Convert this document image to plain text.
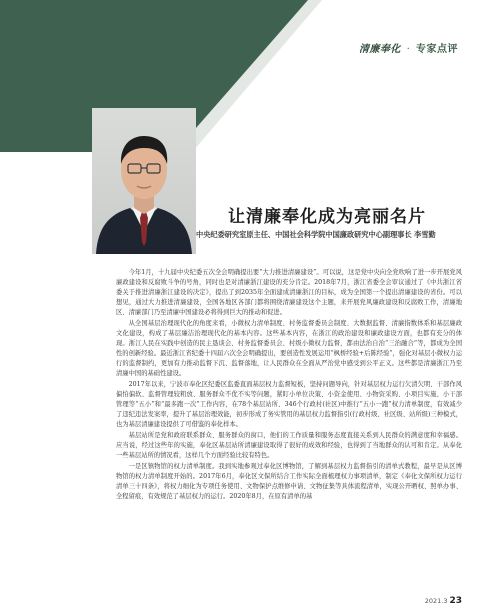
清廉奉化 · 专家点评
让清廉奉化成为亮丽名片
中央纪委研究室原主任、中国社会科学院中国廉政研究中心副理事长 李雪勤

今年1月，十九届中央纪委五次全会明确提出要“大力推进清廉建设”。可以说，这是党中央向全党吹响了进一步开展党风廉政建设和反腐败斗争的号角，同时也是对清廉浙江建设的充分肯定。2018年7月，浙江省委全会审议通过了《中共浙江省委关于推进清廉浙江建设的决定》，提出了到2035年全面建成清廉浙江的目标，成为全国第一个提出清廉建设的省份。可以想见，通过大力推进清廉建设，全国各地区各部门都将围绕清廉建设这个主题，来开展党风廉政建设和反腐败工作，清廉地区、清廉部门乃至清廉中国建设必将得到巨大的推动和促进。

从全国基层治理现代化的角度来看，小微权力清单制度、村务监督委员会制度、大数据监督、清廉指数体系和基层廉政文化建设，构成了基层廉洁治理现代化的基本内容。这些基本内容，在浙江的政治建设和廉政建设方面，也都有充分的体现。浙江人民在实践中创造的民主恳谈会、村务监督委员会、村级小微权力监督，都由法治自治“三治融合”等，都成为全国性的创新经验。最近浙江省纪委十四届六次全会明确提出，要创造性发展运用“枫桥经验+后陈经验”，强化对基层小微权力运行的监督制约，更加有力推动监督下沉、监督落地，让人民群众在全面从严治党中感受到公平正义。这些都是清廉浙江乃至清廉中国的基础性建设。

2017年以来，宁波市奉化区纪委区监委直面基层权力监督短板，坚持问题导向，针对基层权力运行欠清欠明、干部作风偏怕偏软、监督管理较粗放、服务群众不优不实等问题，紧盯小单位决策、小资金使用、小物资采购、小项目实施、小干部管理等“五小”和“最多跑一次”工作内容，在78个基层站所、346个行政村(社区)中推行“五小一跑”权力清单制度，有效减少了违纪违法发案率，提升了基层治理效能，初步形成了务实管用的基层权力监督指引(行政村级、社区级、站所级)三种模式，也为基层清廉建设提供了可借鉴的奉化样本。

基层站所是党和政府联系群众、服务群众的窗口，他们的工作质量和服务态度直接关系到人民群众的满意度和幸福感。应当说，经过这些年的实施，奉化区基层站所清廉建设取得了很好的成效和经验，也得到了当地群众的认可和肯定。从奉化一些基层站所的情况看，这样几个方面经验比较有特色。

一是区镇物馆的权力清单制度。我到实地参观过奉化区博物馆，了解到基层权力监督指引的清单式教程，最早是从区博物馆的权力清单制度开始的。2017年6月，奉化区文保所结合工作实际全面梳理权力事项清单，制定《奉化文保所权力运行清单三十四条》，将权力细化为专项任务使用、文物保护点维修申请、文物征集等具体流程清单，实现公开晒权、照单办事、全程留痕，有效规范了基层权力的运行。2020年8月，在原有清单的基

2021.3 23
